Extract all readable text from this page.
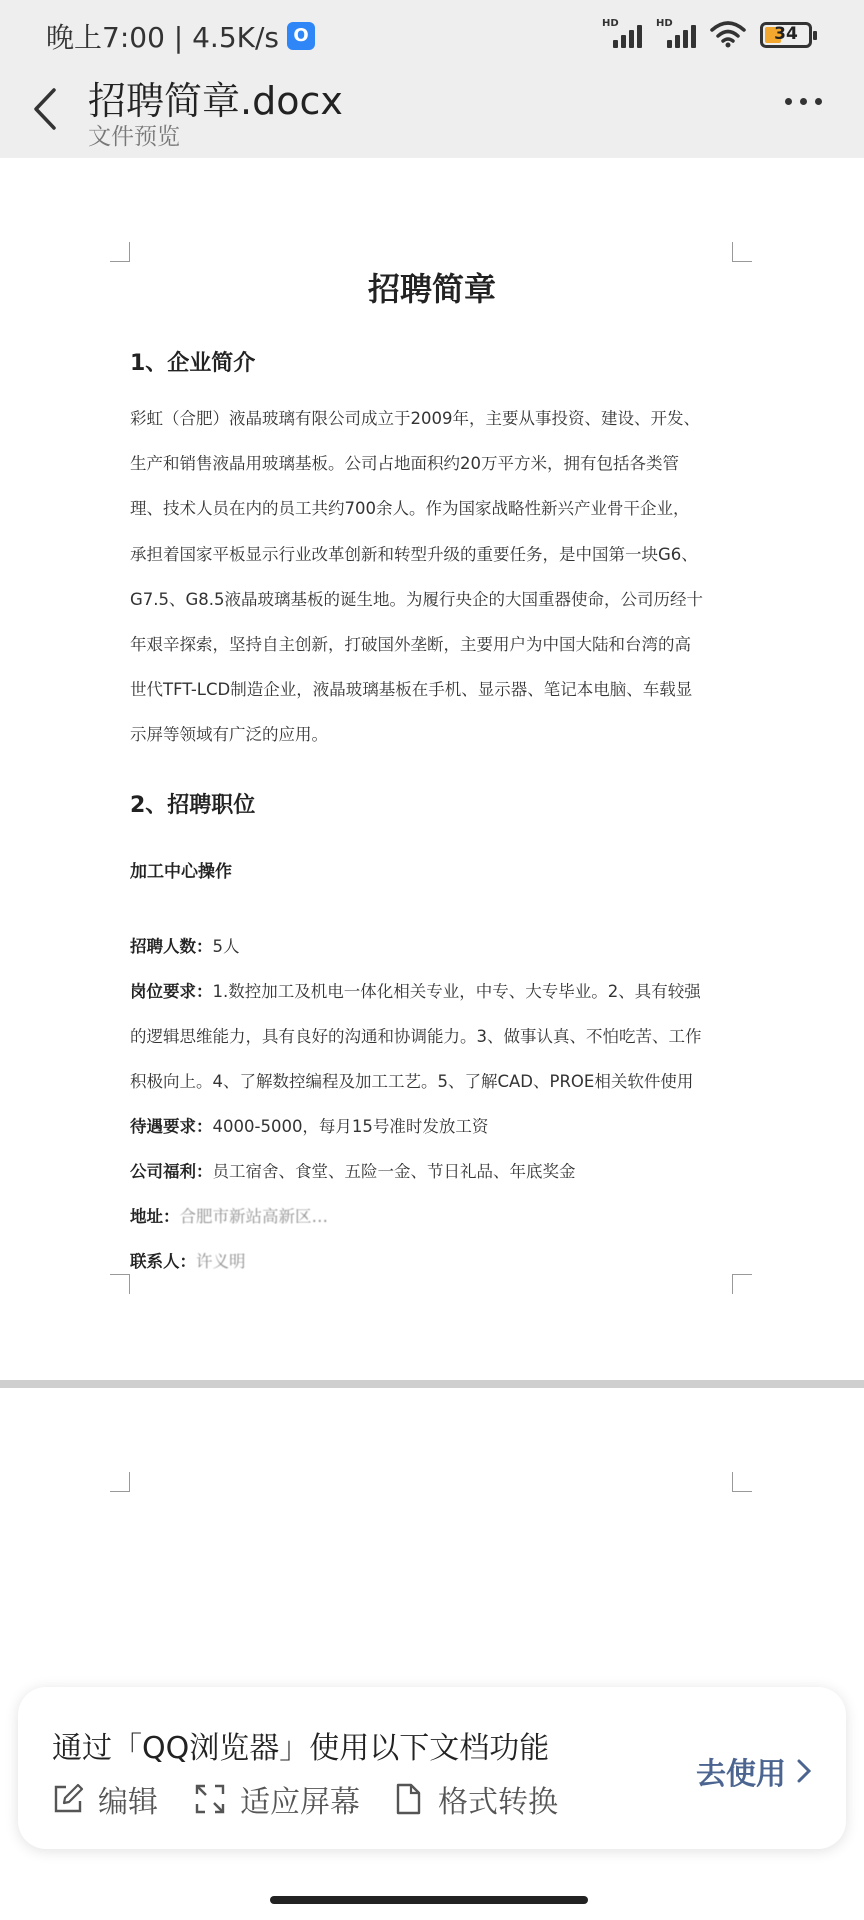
晚上7:00 | 4.5K/s O
HD	HD
34
招聘简章.docx
文件预览
招聘简章
1、企业简介
彩虹（合肥）液晶玻璃有限公司成立于2009年，主要从事投资、建设、开发、
生产和销售液晶用玻璃基板。公司占地面积约20万平方米，拥有包括各类管
理、技术人员在内的员工共约700余人。作为国家战略性新兴产业骨干企业，
承担着国家平板显示行业改革创新和转型升级的重要任务，是中国第一块G6、
G7.5、G8.5液晶玻璃基板的诞生地。为履行央企的大国重器使命，公司历经十
年艰辛探索，坚持自主创新，打破国外垄断，主要用户为中国大陆和台湾的高
世代TFT-LCD制造企业，液晶玻璃基板在手机、显示器、笔记本电脑、车载显
示屏等领域有广泛的应用。
2、招聘职位
加工中心操作
招聘人数：5人
岗位要求：1.数控加工及机电一体化相关专业，中专、大专毕业。2、具有较强
的逻辑思维能力，具有良好的沟通和协调能力。3、做事认真、不怕吃苦、工作
积极向上。4、了解数控编程及加工工艺。5、了解CAD、PROE相关软件使用
待遇要求：4000-5000，每月15号准时发放工资
公司福利：员工宿舍、食堂、五险一金、节日礼品、年底奖金
地址：合肥市新站高新区…
联系人：许义明
通过「QQ浏览器」使用以下文档功能
编辑	适应屏幕	格式转换
去使用
